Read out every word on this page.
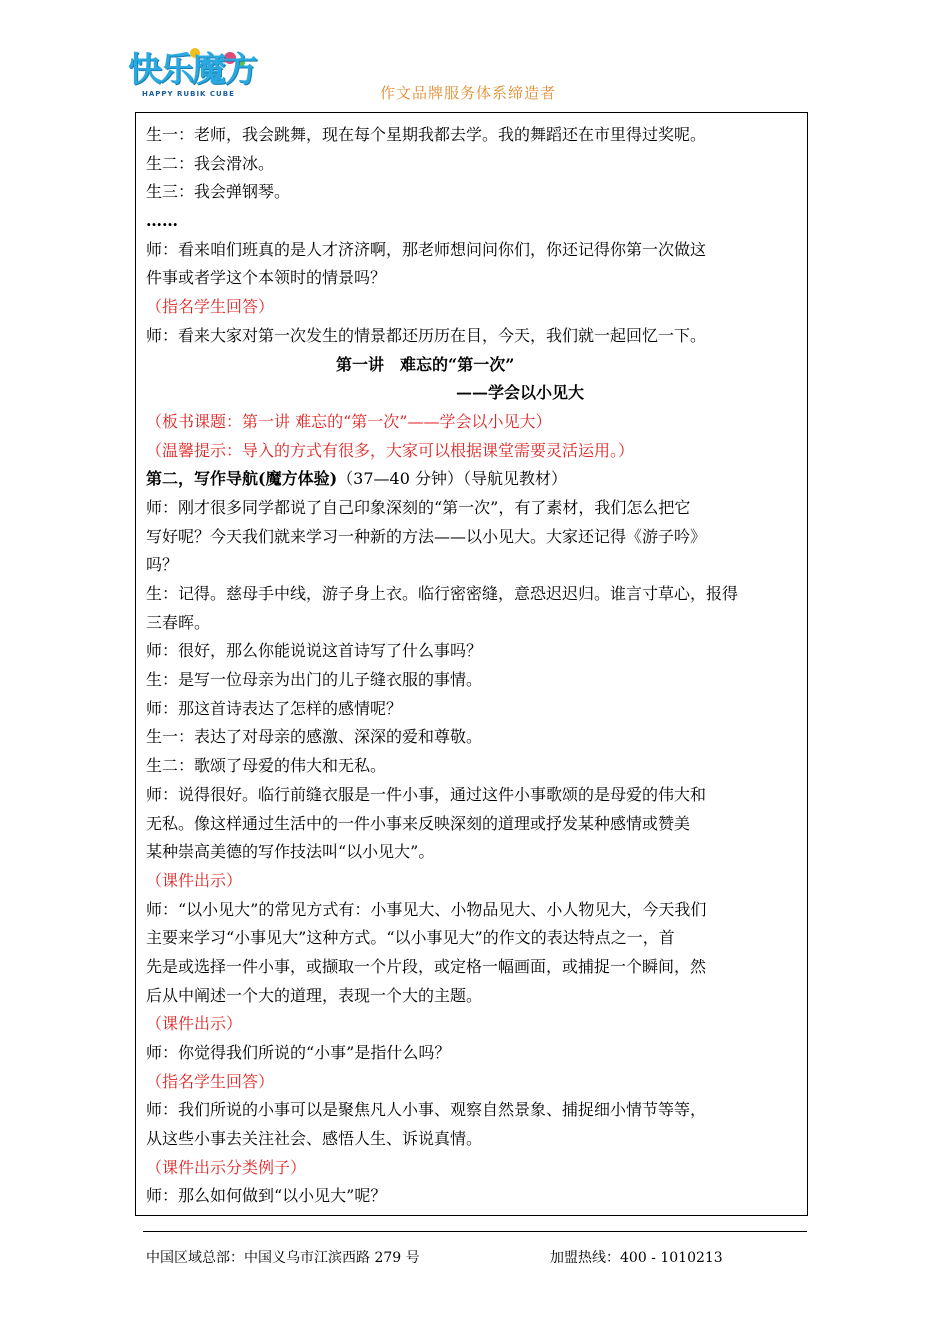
快乐魔方
HAPPY RUBIK CUBE	作文品牌服务体系缔造者
生一：老师，我会跳舞，现在每个星期我都去学。我的舞蹈还在市里得过奖呢。
生二：我会滑冰。
生三：我会弹钢琴。
……
师：看来咱们班真的是人才济济啊，那老师想问问你们，你还记得你第一次做这
件事或者学这个本领时的情景吗？
（指名学生回答）
师：看来大家对第一次发生的情景都还历历在目，今天，我们就一起回忆一下。
第一讲　难忘的“第一次”
——学会以小见大
（板书课题：第一讲 难忘的“第一次”——学会以小见大）
（温馨提示：导入的方式有很多，大家可以根据课堂需要灵活运用。）
第二，写作导航(魔方体验)（37—40 分钟）（导航见教材）
师：刚才很多同学都说了自己印象深刻的“第一次”，有了素材，我们怎么把它
写好呢？今天我们就来学习一种新的方法——以小见大。大家还记得《游子吟》
吗？
生：记得。慈母手中线，游子身上衣。临行密密缝，意恐迟迟归。谁言寸草心，报得
三春晖。
师：很好，那么你能说说这首诗写了什么事吗？
生：是写一位母亲为出门的儿子缝衣服的事情。
师：那这首诗表达了怎样的感情呢？
生一：表达了对母亲的感激、深深的爱和尊敬。
生二：歌颂了母爱的伟大和无私。
师：说得很好。临行前缝衣服是一件小事，通过这件小事歌颂的是母爱的伟大和
无私。像这样通过生活中的一件小事来反映深刻的道理或抒发某种感情或赞美
某种崇高美德的写作技法叫“以小见大”。
（课件出示）
师：“以小见大”的常见方式有：小事见大、小物品见大、小人物见大，今天我们
主要来学习“小事见大”这种方式。“以小事见大”的作文的表达特点之一，首
先是或选择一件小事，或撷取一个片段，或定格一幅画面，或捕捉一个瞬间，然
后从中阐述一个大的道理，表现一个大的主题。
（课件出示）
师：你觉得我们所说的“小事”是指什么吗？
（指名学生回答）
师：我们所说的小事可以是聚焦凡人小事、观察自然景象、捕捉细小情节等等，
从这些小事去关注社会、感悟人生、诉说真情。
（课件出示分类例子）
师：那么如何做到“以小见大”呢？
中国区域总部：中国义乌市江滨西路 279 号	加盟热线：400 - 1010213
